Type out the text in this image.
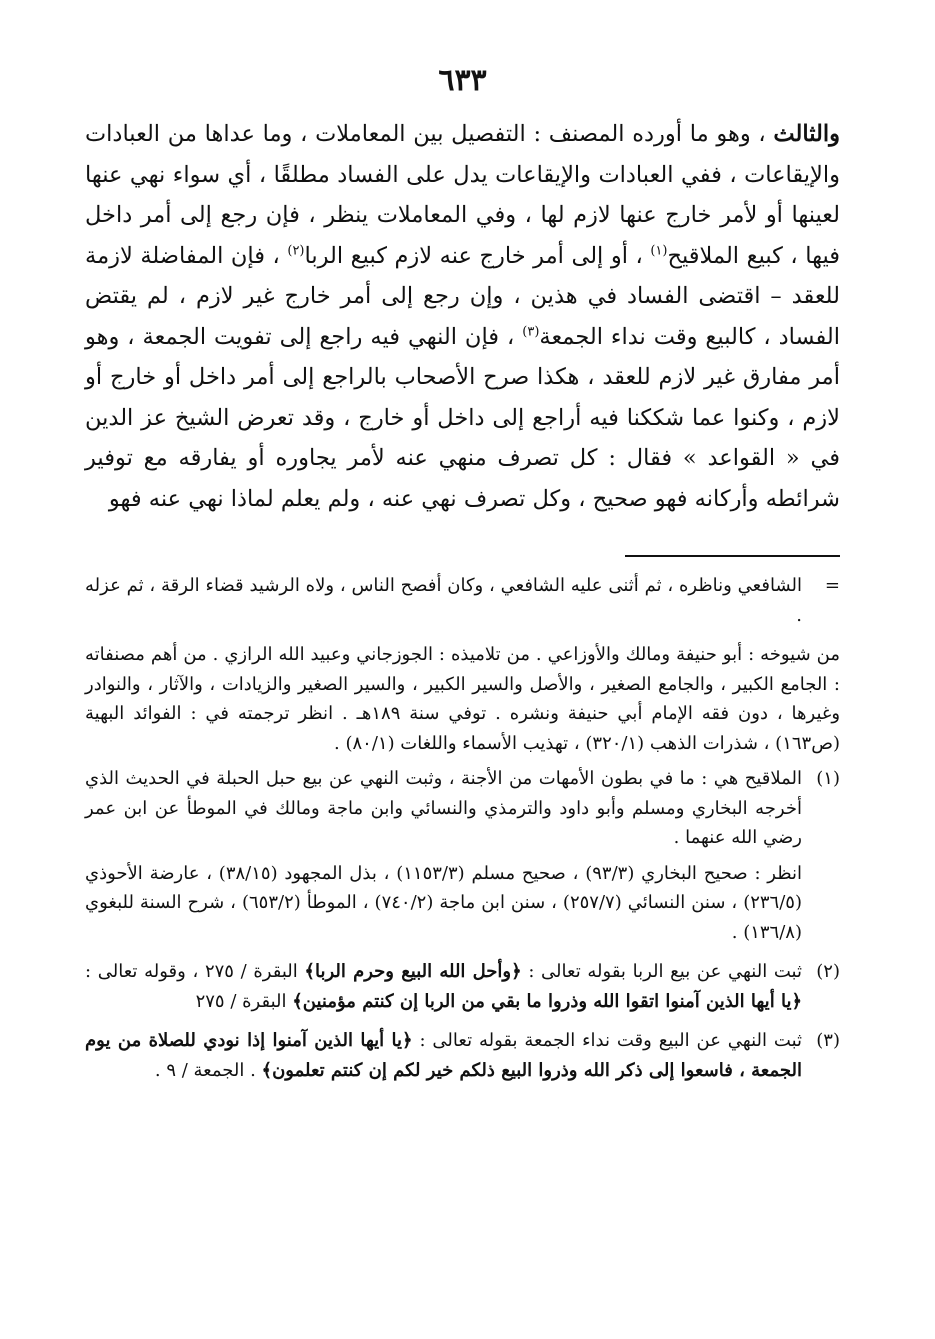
٦٣٣

والثالث ، وهو ما أورده المصنف : التفصيل بين المعاملات ، وما عداها من العبادات والإيقاعات ، ففي العبادات والإيقاعات يدل على الفساد مطلقًا ، أي سواء نهي عنها لعينها أو لأمر خارج عنها لازم لها ، وفي المعاملات ينظر ، فإن رجع إلى أمر داخل فيها ، كبيع الملاقيح$^{(١)}$ ، أو إلى أمر خارج عنه لازم كبيع الربا$^{(٢)}$ ، فإن المفاضلة لازمة للعقد – اقتضى الفساد في هذين ، وإن رجع إلى أمر خارج غير لازم ، لم يقتض الفساد ، كالبيع وقت نداء الجمعة$^{(٣)}$ ، فإن النهي فيه راجع إلى تفويت الجمعة ، وهو أمر مفارق غير لازم للعقد ، هكذا صرح الأصحاب بالراجع إلى أمر داخل أو خارج أو لازم ، وكنوا عما شككنا فيه أراجع إلى داخل أو خارج ، وقد تعرض الشيخ عز الدين في « القواعد » فقال : كل تصرف منهي عنه لأمر يجاوره أو يفارقه مع توفير شرائطه وأركانه فهو صحيح ، وكل تصرف نهي عنه ، ولم يعلم لماذا نهي عنه فهو

=

الشافعي وناظره ، ثم أثنى عليه الشافعي ، وكان أفصح الناس ، ولاه الرشيد قضاء الرقة ، ثم عزله .

من شيوخه : أبو حنيفة ومالك والأوزاعي . من تلاميذه : الجوزجاني وعبيد الله الرازي . من أهم مصنفاته : الجامع الكبير ، والجامع الصغير ، والأصل والسير الكبير ، والسير الصغير والزيادات ، والآثار ، والنوادر وغيرها ، دون فقه الإمام أبي حنيفة ونشره . توفي سنة ١٨٩هـ . انظر ترجمته في : الفوائد البهية (ص١٦٣) ، شذرات الذهب (٣٢٠/١) ، تهذيب الأسماء واللغات (٨٠/١) .

(١)

الملاقيح هي : ما في بطون الأمهات من الأجنة ، وثبت النهي عن بيع حبل الحبلة في الحديث الذي أخرجه البخاري ومسلم وأبو داود والترمذي والنسائي وابن ماجة ومالك في الموطأ عن ابن عمر رضي الله عنهما .

انظر : صحيح البخاري (٩٣/٣) ، صحيح مسلم (١١٥٣/٣) ، بذل المجهود (٣٨/١٥) ، عارضة الأحوذي (٢٣٦/٥) ، سنن النسائي (٢٥٧/٧) ، سنن ابن ماجة (٧٤٠/٢) ، الموطأ (٦٥٣/٢) ، شرح السنة للبغوي (١٣٦/٨) .

(٢)

ثبت النهي عن بيع الربا بقوله تعالى : ﴿وأحل الله البيع وحرم الربا﴾ البقرة / ٢٧٥ ، وقوله تعالى : ﴿يا أيها الذين آمنوا اتقوا الله وذروا ما بقي من الربا إن كنتم مؤمنين﴾ البقرة / ٢٧٥

(٣)

ثبت النهي عن البيع وقت نداء الجمعة بقوله تعالى : ﴿يا أيها الذين آمنوا إذا نودي للصلاة من يوم الجمعة ، فاسعوا إلى ذكر الله وذروا البيع ذلكم خير لكم إن كنتم تعلمون﴾ . الجمعة / ٩ .
